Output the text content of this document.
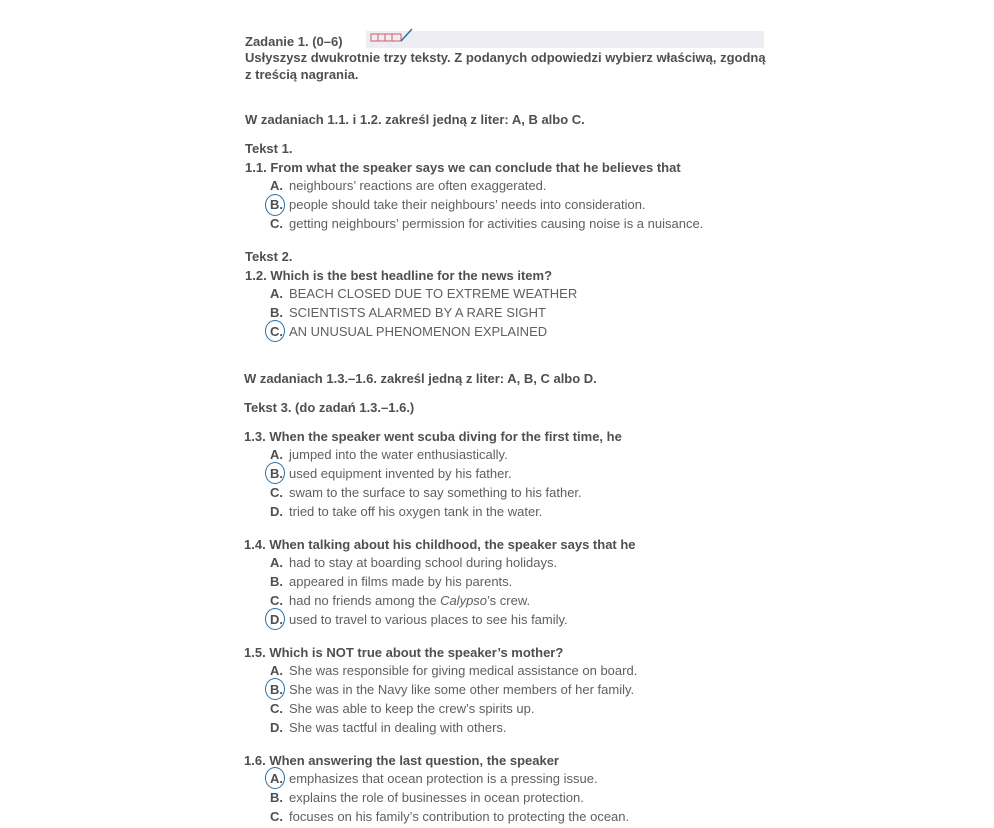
Zadanie 1. (0–6)
Usłyszysz dwukrotnie trzy teksty. Z podanych odpowiedzi wybierz właściwą, zgodną
z treścią nagrania.
W zadaniach 1.1. i 1.2. zakreśl jedną z liter: A, B albo C.
Tekst 1.
1.1. From what the speaker says we can conclude that he believes that
A. neighbours’ reactions are often exaggerated.
B. people should take their neighbours’ needs into consideration.
C. getting neighbours’ permission for activities causing noise is a nuisance.
Tekst 2.
1.2. Which is the best headline for the news item?
A. BEACH CLOSED DUE TO EXTREME WEATHER
B. SCIENTISTS ALARMED BY A RARE SIGHT
C. AN UNUSUAL PHENOMENON EXPLAINED
W zadaniach 1.3.–1.6. zakreśl jedną z liter: A, B, C albo D.
Tekst 3. (do zadań 1.3.–1.6.)
1.3. When the speaker went scuba diving for the first time, he
A. jumped into the water enthusiastically.
B. used equipment invented by his father.
C. swam to the surface to say something to his father.
D. tried to take off his oxygen tank in the water.
1.4. When talking about his childhood, the speaker says that he
A. had to stay at boarding school during holidays.
B. appeared in films made by his parents.
C. had no friends among the Calypso’s crew.
D. used to travel to various places to see his family.
1.5. Which is NOT true about the speaker’s mother?
A. She was responsible for giving medical assistance on board.
B. She was in the Navy like some other members of her family.
C. She was able to keep the crew’s spirits up.
D. She was tactful in dealing with others.
1.6. When answering the last question, the speaker
A. emphasizes that ocean protection is a pressing issue.
B. explains the role of businesses in ocean protection.
C. focuses on his family’s contribution to protecting the ocean.
